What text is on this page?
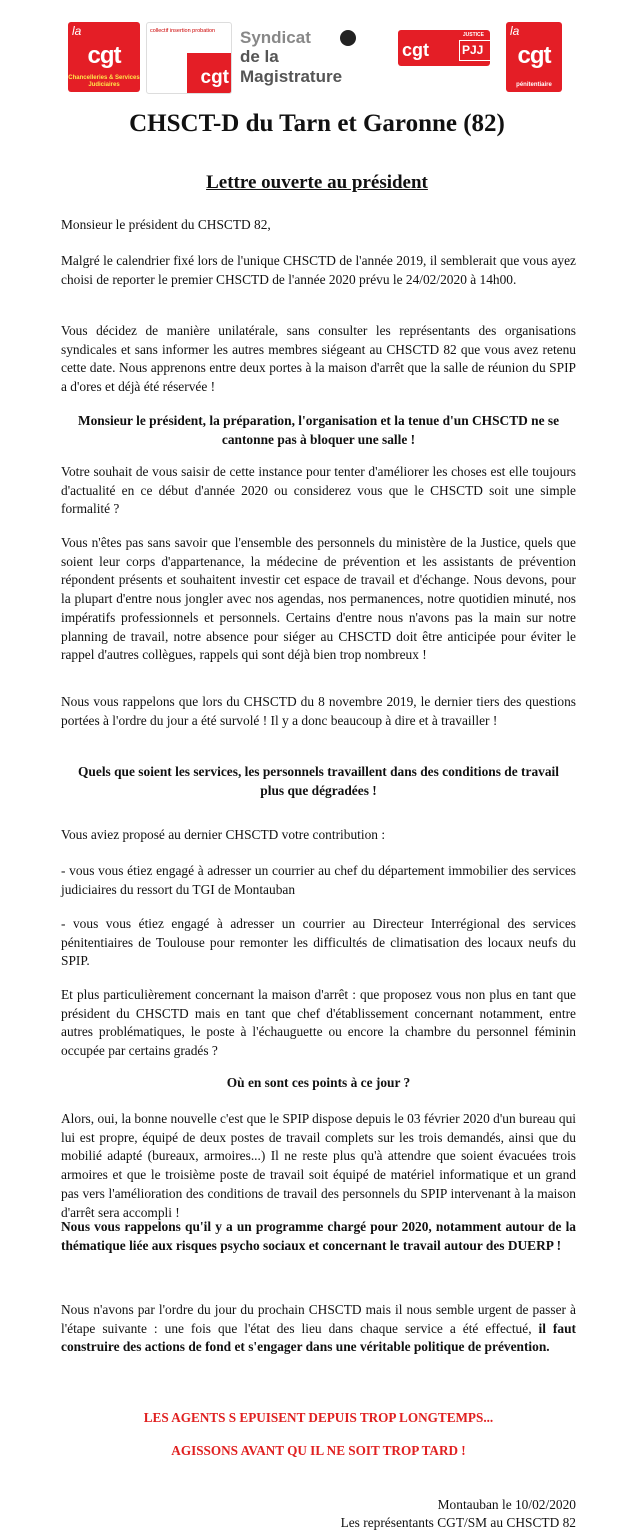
la
cgt
Chancelleries & Services Judiciaires
collectif insertion probation
cgt
Syndicat
de la Magistrature
cgt
JUSTICE
PJJ
la
cgt
pénitentiaire
CHSCT-D du Tarn et Garonne (82)
Lettre ouverte au président

Monsieur le président du CHSCTD 82,

Malgré le calendrier fixé lors de l'unique CHSCTD de l'année 2019, il semblerait que vous ayez choisi de reporter le premier CHSCTD de l'année 2020 prévu le 24/02/2020 à 14h00.

Vous décidez de manière unilatérale, sans consulter les représentants des organisations syndicales et sans informer les autres membres siégeant au CHSCTD 82 que vous avez retenu cette date. Nous apprenons entre deux portes à la maison d'arrêt que la salle de réunion du SPIP a d'ores et déjà été réservée !

Monsieur le président, la préparation, l'organisation et la tenue d'un CHSCTD ne se cantonne pas à bloquer une salle !

Votre souhait de vous saisir de cette instance pour tenter d'améliorer les choses est elle toujours d'actualité en ce début d'année 2020 ou considerez vous que le CHSCTD soit une simple formalité ?

Vous n'êtes pas sans savoir que l'ensemble des personnels du ministère de la Justice, quels que soient leur corps d'appartenance, la médecine de prévention et les assistants de prévention répondent présents et souhaitent investir cet espace de travail et d'échange. Nous devons, pour la plupart d'entre nous jongler avec nos agendas, nos permanences, notre quotidien minuté, nos impératifs professionnels et personnels. Certains d'entre nous n'avons pas la main sur notre planning de travail, notre absence pour siéger au CHSCTD doit être anticipée pour éviter le rappel d'autres collègues, rappels qui sont déjà bien trop nombreux !

Nous vous rappelons que lors du CHSCTD du 8 novembre 2019, le dernier tiers des questions portées à l'ordre du jour a été survolé ! Il y a donc beaucoup à dire et à travailler !

Quels que soient les services, les personnels travaillent dans des conditions de travail plus que dégradées !

Vous aviez proposé au dernier CHSCTD votre contribution :

- vous vous étiez engagé à adresser un courrier au chef du département immobilier des services judiciaires du ressort du TGI de Montauban

- vous vous étiez engagé à adresser un courrier au Directeur Interrégional des services pénitentiaires de Toulouse pour remonter les difficultés de climatisation des locaux neufs du SPIP.

Et plus particulièrement concernant la maison d'arrêt : que proposez vous non plus en tant que président du CHSCTD mais en tant que chef d'établissement concernant notamment, entre autres problématiques, le poste à l'échauguette ou encore la chambre du personnel féminin occupée par certains gradés ?

Où en sont ces points à ce jour ?

Alors, oui, la bonne nouvelle c'est que le SPIP dispose depuis le 03 février 2020 d'un bureau qui lui est propre, équipé de deux postes de travail complets sur les trois demandés, ainsi que du mobilié adapté (bureaux, armoires...) Il ne reste plus qu'à attendre que soient évacuées trois armoires et que le troisième poste de travail soit équipé de matériel informatique et un grand pas vers l'amélioration des conditions de travail des personnels du SPIP intervenant à la maison d'arrêt sera accompli !

Nous vous rappelons qu'il y a un programme chargé pour 2020, notamment autour de la thématique liée aux risques psycho sociaux et concernant le travail autour des DUERP !

Nous n'avons par l'ordre du jour du prochain CHSCTD mais il nous semble urgent de passer à l'étape suivante : une fois que l'état des lieu dans chaque service a été effectué, il faut construire des actions de fond et s'engager dans une véritable politique de prévention.

LES AGENTS S EPUISENT DEPUIS TROP LONGTEMPS...

AGISSONS AVANT QU IL NE SOIT TROP TARD !

Montauban le 10/02/2020

Les représentants CGT/SM au CHSCTD 82
